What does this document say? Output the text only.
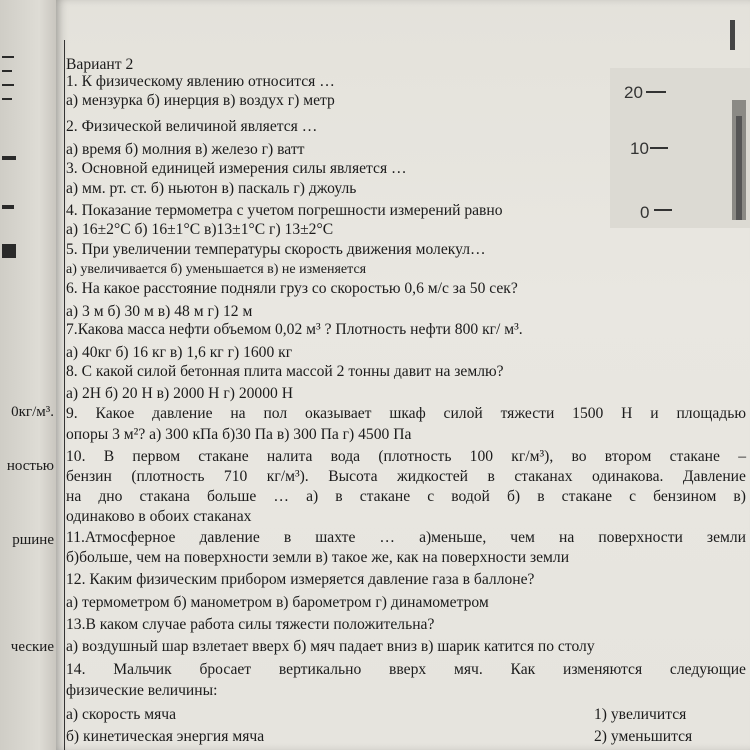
0кг/м³.
ностью
ршине
ческие
20
10
0
Вариант 2
1. К физическому явлению относится …
а) мензурка б) инерция в) воздух г) метр
2. Физической величиной является …
а) время б) молния в) железо г) ватт
3. Основной единицей измерения силы является …
а) мм. рт. ст. б) ньютон в) паскаль г) джоуль
4. Показание термометра с учетом погрешности измерений равно
а) 16±2°С б) 16±1°С в)13±1°С г) 13±2°С
5. При увеличении температуры скорость движения молекул…
а) увеличивается б) уменьшается в) не изменяется
6. На какое расстояние подняли груз со скоростью 0,6 м/с за 50 сек?
а) 3 м б) 30 м в) 48 м г) 12 м
7.Какова масса нефти объемом 0,02 м³ ? Плотность нефти 800 кг/ м³.
а) 40кг б) 16 кг в) 1,6 кг г) 1600 кг
8. С какой силой бетонная плита массой 2 тонны давит на землю?
а) 2Н б) 20 Н в) 2000 Н г) 20000 Н
9. Какое давление на пол оказывает шкаф силой тяжести 1500 Н и площадью
опоры 3 м²? а) 300 кПа б)30 Па в) 300 Па г) 4500 Па
10. В первом стакане налита вода (плотность 100 кг/м³), во втором стакане –
бензин (плотность 710 кг/м³). Высота жидкостей в стаканах одинакова. Давление
на дно стакана больше … а) в стакане с водой б) в стакане с бензином в)
одинаково в обоих стаканах
11.Атмосферное давление в шахте … а)меньше, чем на поверхности земли
б)больше, чем на поверхности земли в) такое же, как на поверхности земли
12. Каким физическим прибором измеряется давление газа в баллоне?
а) термометром б) манометром в) барометром г) динамометром
13.В каком случае работа силы тяжести положительна?
а) воздушный шар взлетает вверх б) мяч падает вниз в) шарик катится по столу
14. Мальчик бросает вертикально вверх мяч. Как изменяются следующие
физические величины:
а) скорость мяча	1) увеличится
б) кинетическая энергия мяча	2) уменьшится
